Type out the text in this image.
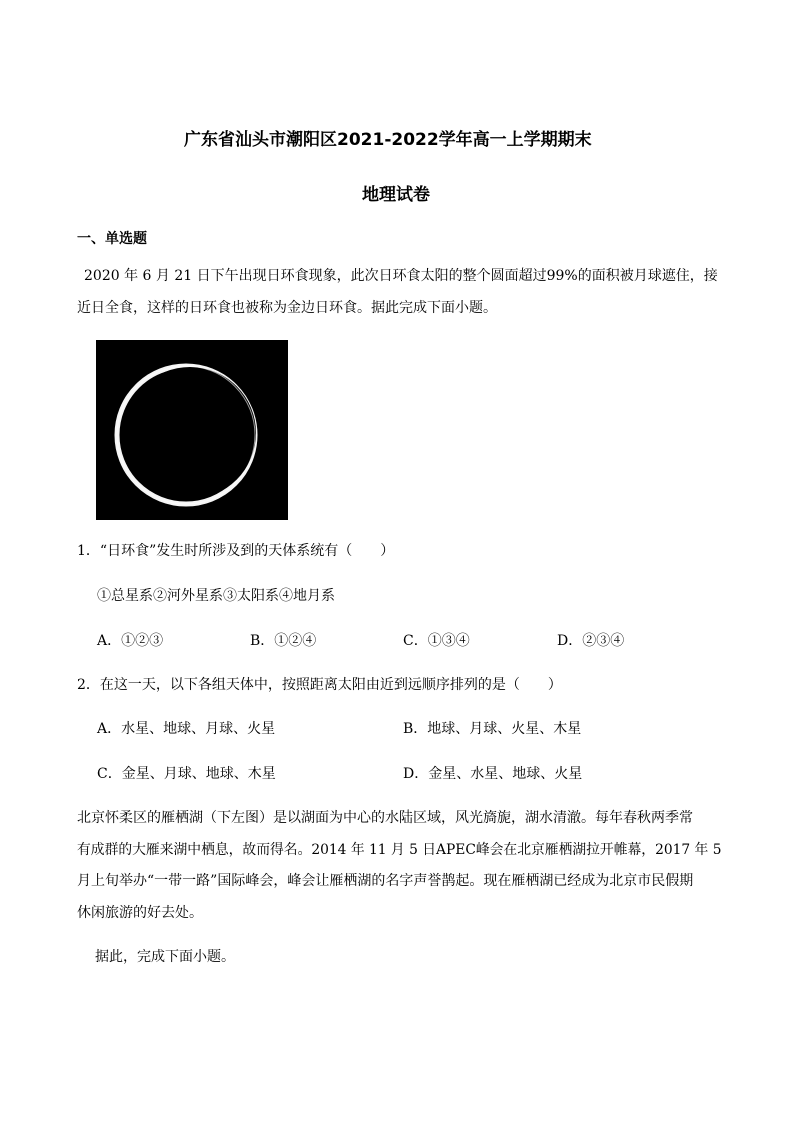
广东省汕头市潮阳区2021-2022学年高一上学期期末
地理试卷
一、单选题
2020 年 6 月 21 日下午出现日环食现象，此次日环食太阳的整个圆面超过99%的面积被月球遮住，接
近日全食，这样的日环食也被称为金边日环食。据此完成下面小题。
1．“日环食”发生时所涉及到的天体系统有（　　）
①总星系②河外星系③太阳系④地月系
A．①②③	B．①②④	C．①③④	D．②③④
2．在这一天，以下各组天体中，按照距离太阳由近到远顺序排列的是（　　）
A．水星、地球、月球、火星	B．地球、月球、火星、木星
C．金星、月球、地球、木星	D．金星、水星、地球、火星
北京怀柔区的雁栖湖（下左图）是以湖面为中心的水陆区域，风光旖旎，湖水清澈。每年春秋两季常
有成群的大雁来湖中栖息，故而得名。2014 年 11 月 5 日APEC峰会在北京雁栖湖拉开帷幕，2017 年 5
月上旬举办“一带一路”国际峰会，峰会让雁栖湖的名字声誉鹊起。现在雁栖湖已经成为北京市民假期
休闲旅游的好去处。
据此，完成下面小题。
